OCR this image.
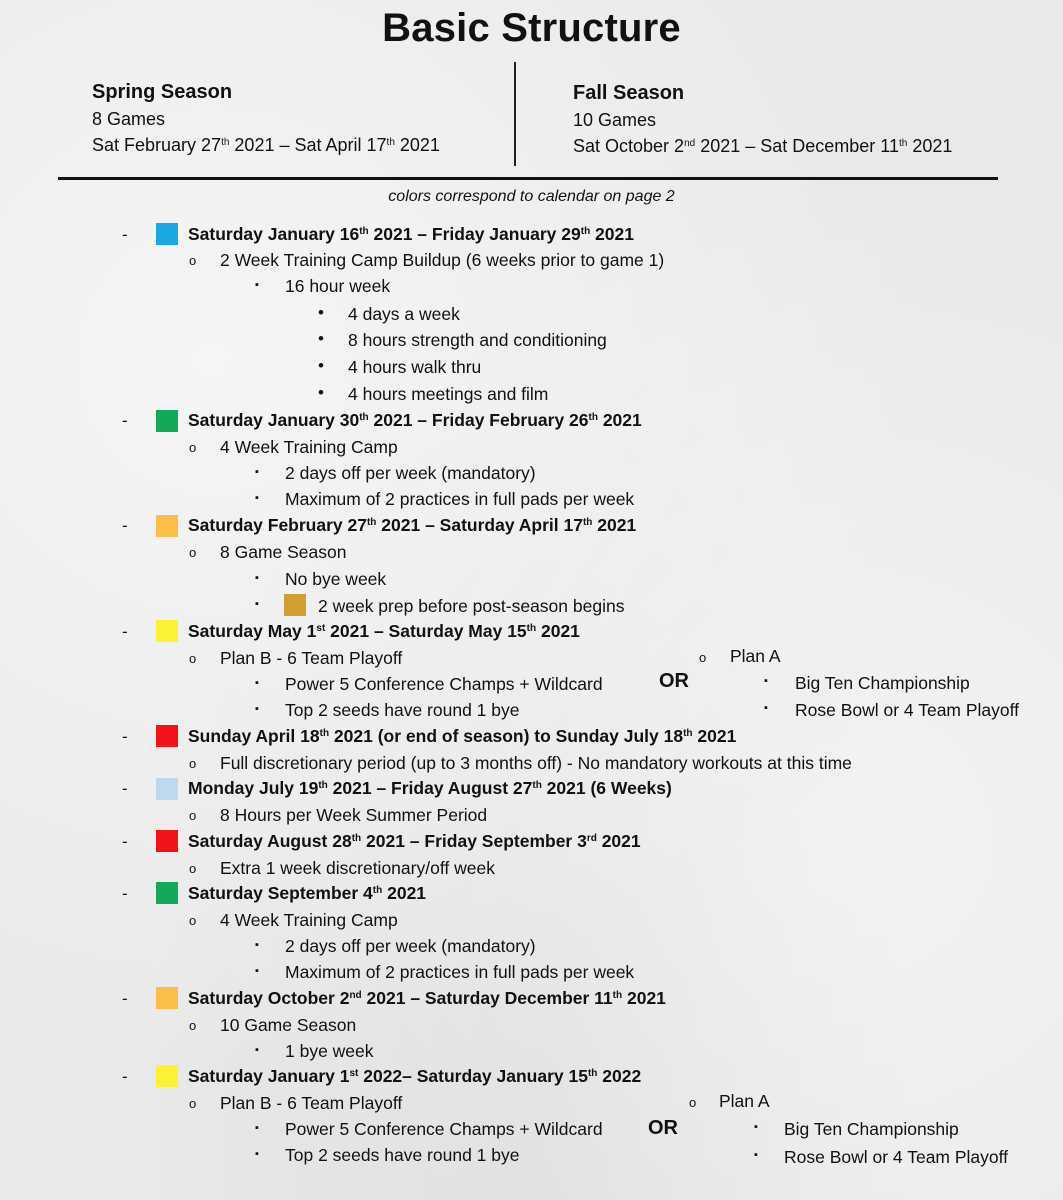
Basic Structure
Spring Season
8 Games
Sat February 27th 2021 – Sat April 17th 2021
Fall Season
10 Games
Sat October 2nd 2021 – Sat December 11th 2021
colors correspond to calendar on page 2
-	Saturday January 16th 2021 – Friday January 29th 2021
o 2 Week Training Camp Buildup (6 weeks prior to game 1)
▪ 16 hour week
• 4 days a week
• 8 hours strength and conditioning
• 4 hours walk thru
• 4 hours meetings and film
-	Saturday January 30th 2021 – Friday February 26th 2021
o 4 Week Training Camp
▪ 2 days off per week (mandatory)
▪ Maximum of 2 practices in full pads per week
-	Saturday February 27th 2021 – Saturday April 17th 2021
o 8 Game Season
▪ No bye week
▪	2 week prep before post-season begins
-	Saturday May 1st 2021 – Saturday May 15th 2021
o Plan B - 6 Team Playoff
▪ Power 5 Conference Champs + Wildcard
▪ Top 2 seeds have round 1 bye
OR
o Plan A
▪ Big Ten Championship
▪ Rose Bowl or 4 Team Playoff
-	Sunday April 18th 2021 (or end of season) to Sunday July 18th 2021
o Full discretionary period (up to 3 months off) - No mandatory workouts at this time
-	Monday July 19th 2021 – Friday August 27th 2021 (6 Weeks)
o 8 Hours per Week Summer Period
-	Saturday August 28th 2021 – Friday September 3rd 2021
o Extra 1 week discretionary/off week
-	Saturday September 4th 2021
o 4 Week Training Camp
▪ 2 days off per week (mandatory)
▪ Maximum of 2 practices in full pads per week
-	Saturday October 2nd 2021 – Saturday December 11th 2021
o 10 Game Season
▪ 1 bye week
-	Saturday January 1st 2022– Saturday January 15th 2022
o Plan B - 6 Team Playoff
▪ Power 5 Conference Champs + Wildcard
▪ Top 2 seeds have round 1 bye
OR
o Plan A
▪ Big Ten Championship
▪ Rose Bowl or 4 Team Playoff
